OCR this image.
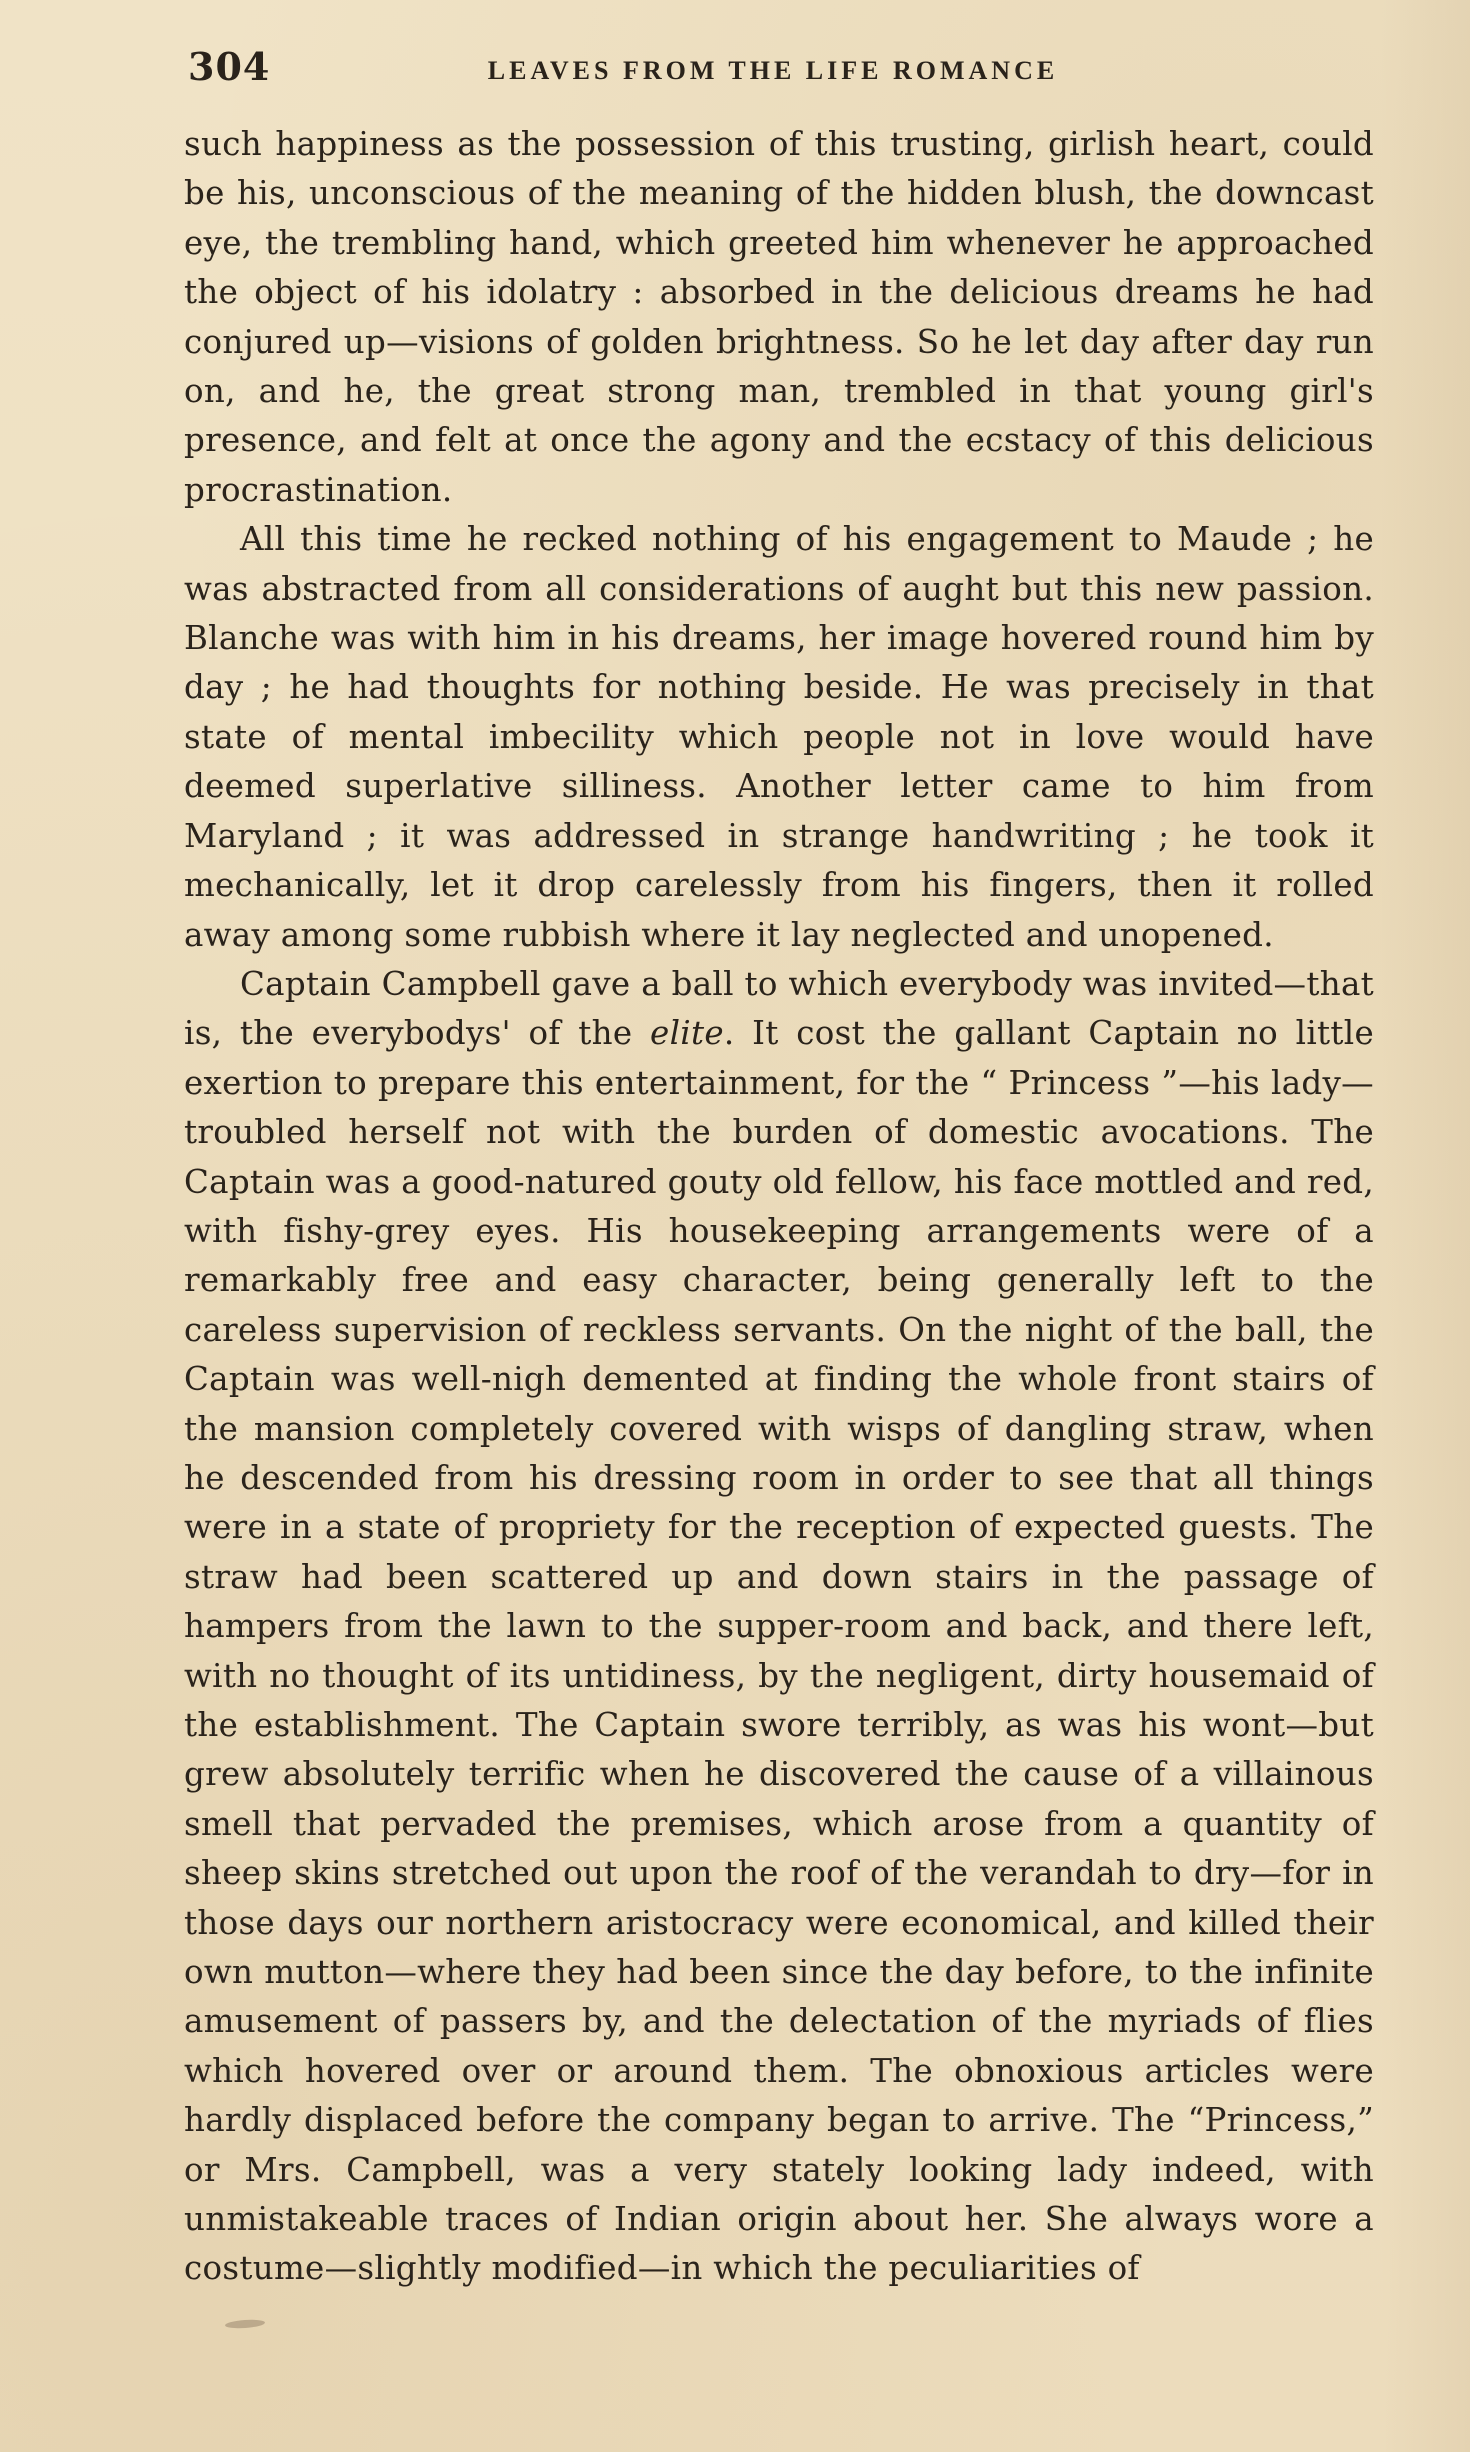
304	LEAVES FROM THE LIFE ROMANCE

such happiness as the possession of this trusting, girlish heart, could be his, unconscious of the meaning of the hidden blush, the downcast eye, the trembling hand, which greeted him whenever he approached the object of his idolatry : absorbed in the delicious dreams he had conjured up—visions of golden brightness. So he let day after day run on, and he, the great strong man, trembled in that young girl's presence, and felt at once the agony and the ecstacy of this delicious procrastination.

All this time he recked nothing of his engagement to Maude ; he was abstracted from all considerations of aught but this new passion. Blanche was with him in his dreams, her image hovered round him by day ; he had thoughts for nothing beside. He was precisely in that state of mental imbecility which people not in love would have deemed superlative silliness. Another letter came to him from Maryland ; it was addressed in strange handwriting ; he took it mechanically, let it drop carelessly from his fingers, then it rolled away among some rubbish where it lay neglected and unopened.

Captain Campbell gave a ball to which everybody was invited—that is, the everybodys' of the elite. It cost the gallant Captain no little exertion to prepare this entertainment, for the “ Princess ”—his lady—troubled herself not with the burden of domestic avocations. The Captain was a good-natured gouty old fellow, his face mottled and red, with fishy-grey eyes. His housekeeping arrangements were of a remarkably free and easy character, being generally left to the careless supervision of reckless servants. On the night of the ball, the Captain was well-nigh demented at finding the whole front stairs of the mansion completely covered with wisps of dangling straw, when he descended from his dressing room in order to see that all things were in a state of propriety for the reception of expected guests. The straw had been scattered up and down stairs in the passage of hampers from the lawn to the supper-room and back, and there left, with no thought of its untidiness, by the negligent, dirty housemaid of the establishment. The Captain swore terribly, as was his wont—but grew absolutely terrific when he discovered the cause of a villainous smell that pervaded the premises, which arose from a quantity of sheep skins stretched out upon the roof of the verandah to dry—for in those days our northern aristocracy were economical, and killed their own mutton—where they had been since the day before, to the infinite amusement of passers by, and the delectation of the myriads of flies which hovered over or around them. The obnoxious articles were hardly displaced before the company began to arrive. The “Princess,” or Mrs. Campbell, was a very stately looking lady indeed, with unmistakeable traces of Indian origin about her. She always wore a costume—slightly modified—in which the peculiarities of
